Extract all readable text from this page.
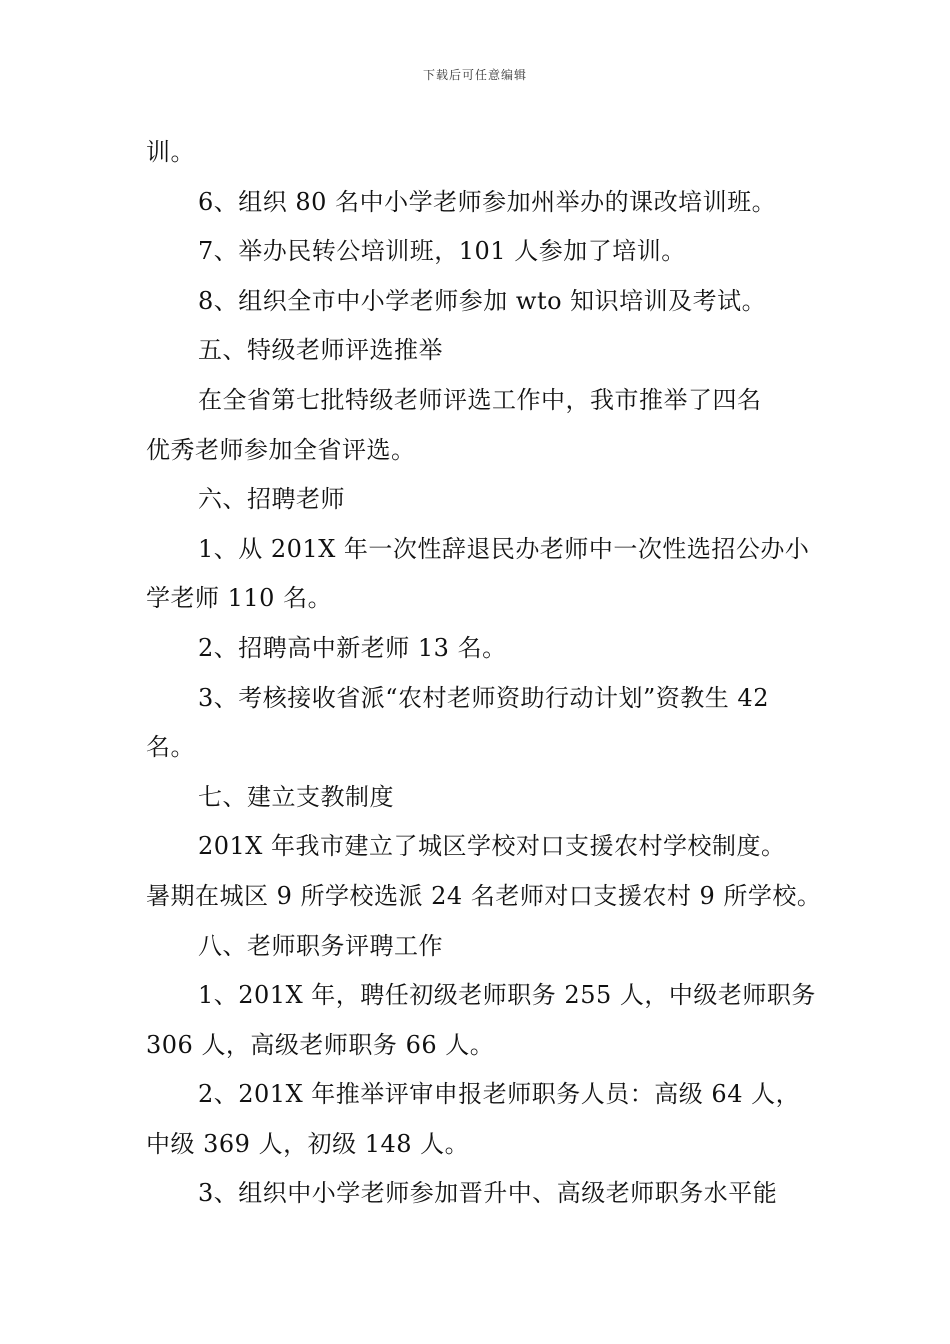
下载后可任意编辑
训。
6、组织 80 名中小学老师参加州举办的课改培训班。
7、举办民转公培训班，101 人参加了培训。
8、组织全市中小学老师参加 wto 知识培训及考试。
五、特级老师评选推举
在全省第七批特级老师评选工作中，我市推举了四名
优秀老师参加全省评选。
六、招聘老师
1、从 201X 年一次性辞退民办老师中一次性选招公办小
学老师 110 名。
2、招聘高中新老师 13 名。
3、考核接收省派“农村老师资助行动计划”资教生 42
名。
七、建立支教制度
201X 年我市建立了城区学校对口支援农村学校制度。
暑期在城区 9 所学校选派 24 名老师对口支援农村 9 所学校。
八、老师职务评聘工作
1、201X 年，聘任初级老师职务 255 人，中级老师职务
306 人，高级老师职务 66 人。
2、201X 年推举评审申报老师职务人员：高级 64 人，
中级 369 人，初级 148 人。
3、组织中小学老师参加晋升中、高级老师职务水平能
